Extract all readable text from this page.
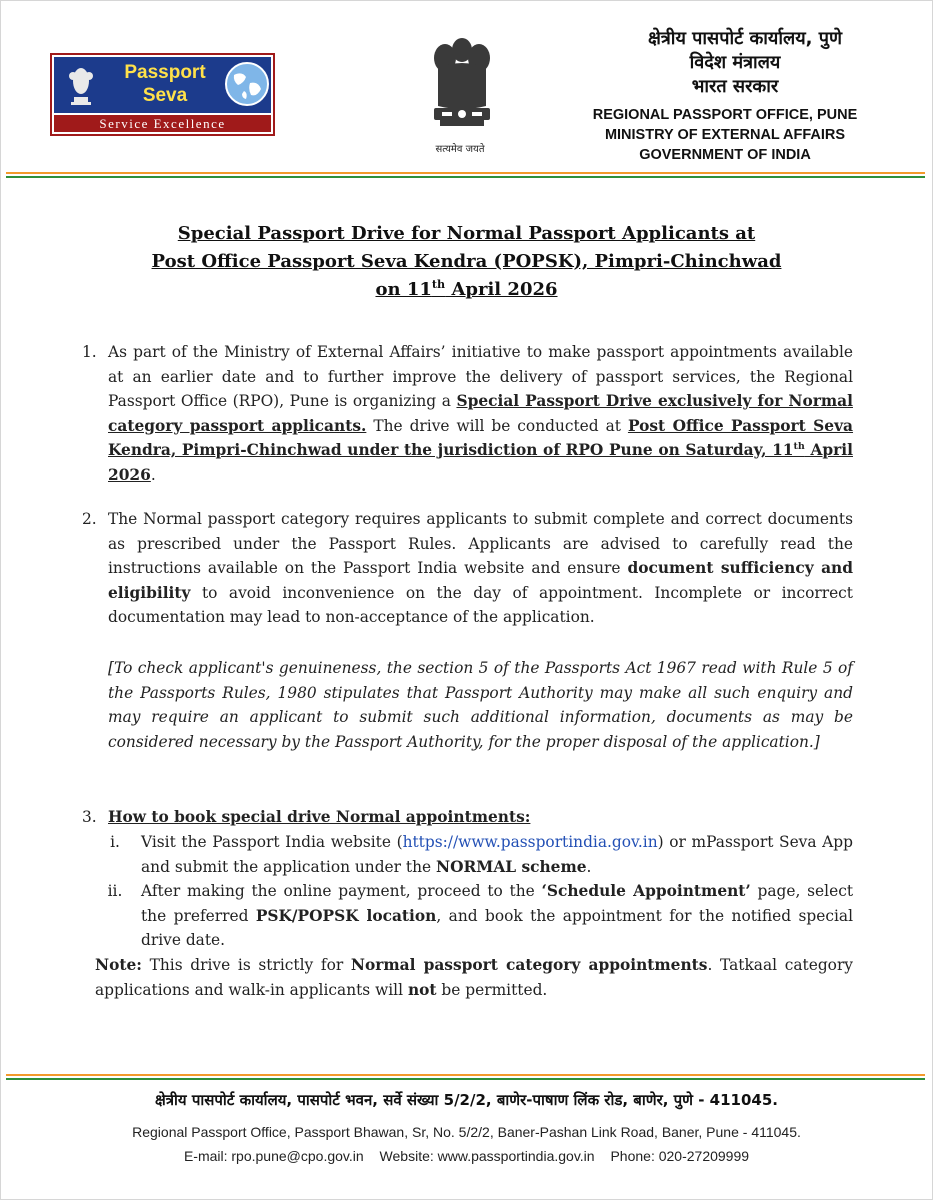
Passport
Seva
Service Excellence
सत्यमेव जयते
क्षेत्रीय पासपोर्ट कार्यालय, पुणे
विदेश मंत्रालय
भारत सरकार
REGIONAL PASSPORT OFFICE, PUNE
MINISTRY OF EXTERNAL AFFAIRS
GOVERNMENT OF INDIA
Special Passport Drive for Normal Passport Applicants at
Post Office Passport Seva Kendra (POPSK), Pimpri-Chinchwad
on 11th April 2026
1. As part of the Ministry of External Affairs’ initiative to make passport appointments available at an earlier date and to further improve the delivery of passport services, the Regional Passport Office (RPO), Pune is organizing a Special Passport Drive exclusively for Normal category passport applicants. The drive will be conducted at Post Office Passport Seva Kendra, Pimpri-Chinchwad under the jurisdiction of RPO Pune on Saturday, 11th April 2026.
2. The Normal passport category requires applicants to submit complete and correct documents as prescribed under the Passport Rules. Applicants are advised to carefully read the instructions available on the Passport India website and ensure document sufficiency and eligibility to avoid inconvenience on the day of appointment. Incomplete or incorrect documentation may lead to non-acceptance of the application.
[To check applicant's genuineness, the section 5 of the Passports Act 1967 read with Rule 5 of the Passports Rules, 1980 stipulates that Passport Authority may make all such enquiry and may require an applicant to submit such additional information, documents as may be considered necessary by the Passport Authority, for the proper disposal of the application.]
3. How to book special drive Normal appointments:
i.	Visit the Passport India website (https://www.passportindia.gov.in) or mPassport Seva App and submit the application under the NORMAL scheme.
ii.	After making the online payment, proceed to the ‘Schedule Appointment’ page, select the preferred PSK/POPSK location, and book the appointment for the notified special drive date.
Note: This drive is strictly for Normal passport category appointments. Tatkaal category applications and walk-in applicants will not be permitted.
क्षेत्रीय पासपोर्ट कार्यालय, पासपोर्ट भवन, सर्वे संख्या 5/2/2, बाणेर-पाषाण लिंक रोड, बाणेर, पुणे - 411045.
Regional Passport Office, Passport Bhawan, Sr, No. 5/2/2, Baner-Pashan Link Road, Baner, Pune - 411045.
E-mail: rpo.pune@cpo.gov.in Website: www.passportindia.gov.in Phone: 020-27209999
